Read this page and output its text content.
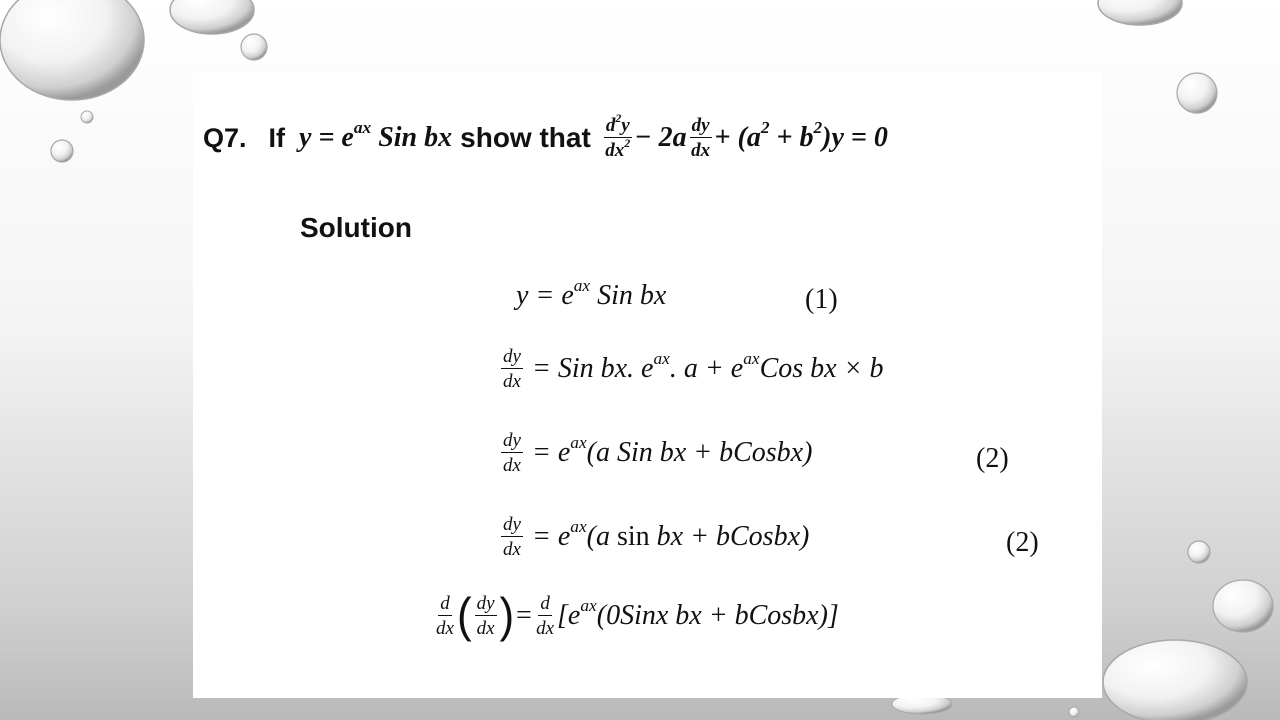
Q7. If $y = e^{ax}$ Sin bx show that $\frac{d^2y}{dx^2} - 2a \frac{dy}{dx} + (a^2 + b^2)y = 0$
Solution
$y = e^{ax}$ Sin bx	(1)
$\frac{dy}{dx}$ = Sin bx. $e^{ax}$. $a + e^{ax}Cos$ bx × b
$\frac{dy}{dx} = e^{ax}(a$ Sin bx + bCosbx)	(2)
$\frac{dy}{dx} = e^{ax}(a$ sin bx + bCosbx)	(2)
$\frac{d}{dx}$ ( $\frac{dy}{dx}$ ) = $\frac{d}{dx}$ [$e^{ax}(0Sinx$ bx + bCosbx)]
